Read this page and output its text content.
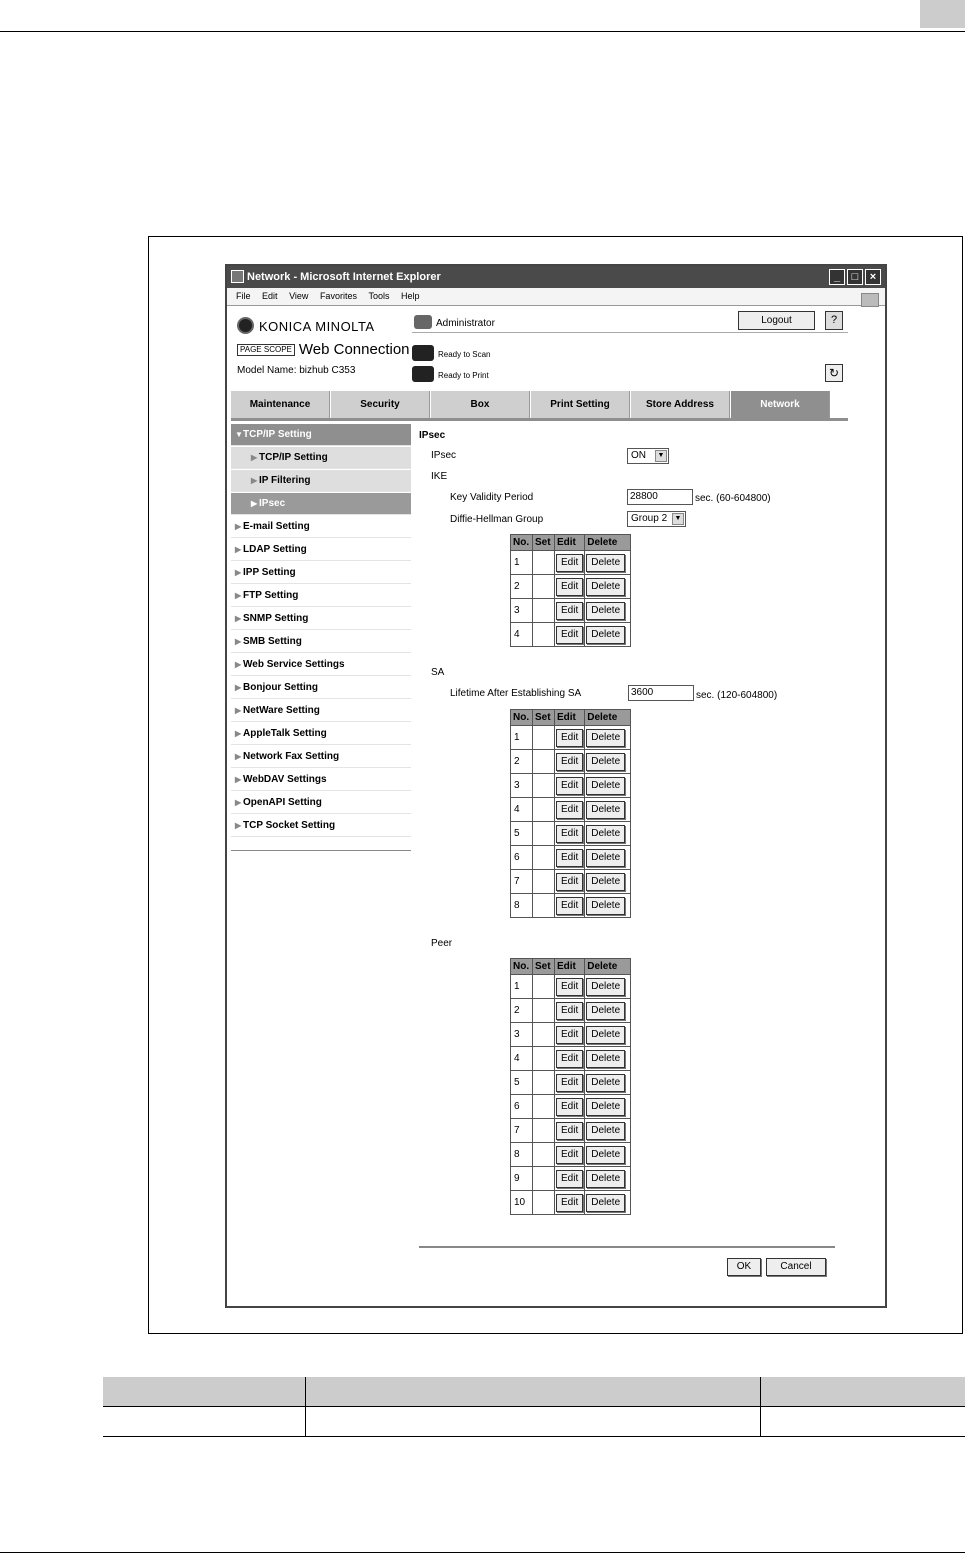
Network - Microsoft Internet Explorer	_	□	×
File Edit View Favorites Tools Help
KONICA MINOLTA
PAGE SCOPE Web Connection
Model Name: bizhub C353
Administrator	Logout	?
Ready to Scan
Ready to Print	↻
Maintenance	Security	Box	Print Setting	Store Address	Network
▼TCP/IP Setting
▶ TCP/IP Setting
▶ IP Filtering
▶ IPsec
▶ E-mail Setting
▶ LDAP Setting
▶ IPP Setting
▶ FTP Setting
▶ SNMP Setting
▶ SMB Setting
▶ Web Service Settings
▶ Bonjour Setting
▶ NetWare Setting
▶ AppleTalk Setting
▶ Network Fax Setting
▶ WebDAV Settings
▶ OpenAPI Setting
▶ TCP Socket Setting
IPsec
IPsec	ON	▼
IKE
Key Validity Period	28800	sec. (60-604800)
Diffie-Hellman Group	Group 2	▼
No.	Set	Edit	Delete
1		Edit	Delete
2		Edit	Delete
3		Edit	Delete
4		Edit	Delete
SA
Lifetime After Establishing SA	3600	sec. (120-604800)
No.	Set	Edit	Delete
1		Edit	Delete
2		Edit	Delete
3		Edit	Delete
4		Edit	Delete
5		Edit	Delete
6		Edit	Delete
7		Edit	Delete
8		Edit	Delete
Peer
No.	Set	Edit	Delete
1		Edit	Delete
2		Edit	Delete
3		Edit	Delete
4		Edit	Delete
5		Edit	Delete
6		Edit	Delete
7		Edit	Delete
8		Edit	Delete
9		Edit	Delete
10		Edit	Delete
OK	Cancel
